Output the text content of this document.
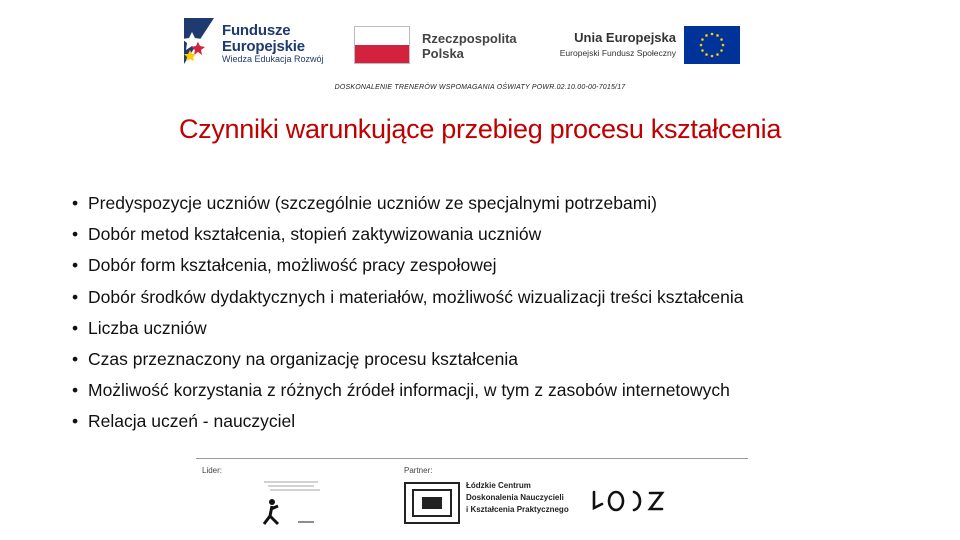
Fundusze
Europejskie
Wiedza Edukacja Rozwój
Rzeczpospolita
Polska
Unia Europejska
Europejski Fundusz Społeczny
DOSKONALENIE TRENERÓW WSPOMAGANIA OŚWIATY POWR.02.10.00-00-7015/17
Czynniki warunkujące przebieg procesu kształcenia
• Predyspozycje uczniów (szczególnie uczniów ze specjalnymi potrzebami)
• Dobór metod kształcenia, stopień zaktywizowania uczniów
• Dobór form kształcenia, możliwość pracy zespołowej
• Dobór środków dydaktycznych i materiałów, możliwość wizualizacji treści kształcenia
• Liczba uczniów
• Czas przeznaczony na organizację procesu kształcenia
• Możliwość korzystania z różnych źródeł informacji, w tym z zasobów internetowych
• Relacja uczeń - nauczyciel
Lider:	Partner:
Łódzkie Centrum
Doskonalenia Nauczycieli
i Kształcenia Praktycznego
